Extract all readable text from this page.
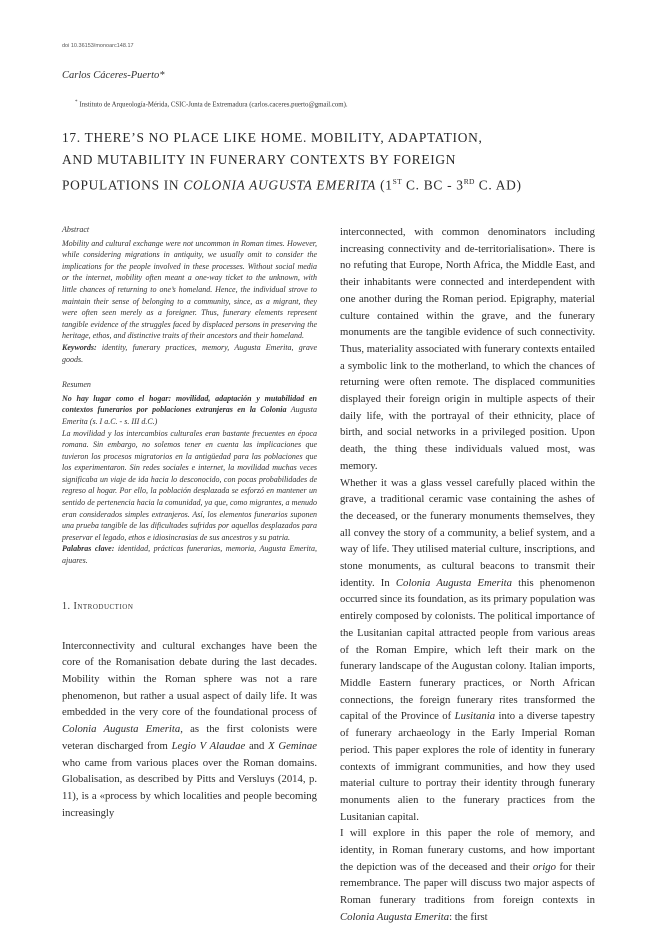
doi 10.36153/monoarc148.17
Carlos Cáceres-Puerto*
* Instituto de Arqueología-Mérida, CSIC-Junta de Extremadura (carlos.caceres.puerto@gmail.com).
17. THERE’S NO PLACE LIKE HOME. MOBILITY, ADAPTATION,
AND MUTABILITY IN FUNERARY CONTEXTS BY FOREIGN
POPULATIONS IN COLONIA AUGUSTA EMERITA (1ST C. BC - 3RD C. AD)
Abstract

Mobility and cultural exchange were not uncommon in Roman times. However, while considering migrations in antiquity, we usually omit to consider the implications for the people involved in these processes. Without social media or the internet, mobility often meant a one-way ticket to the unknown, with little chances of returning to one’s homeland. Hence, the individual strove to maintain their sense of belonging to a community, since, as a migrant, they were often seen merely as a foreigner. Thus, funerary elements represent tangible evidence of the struggles faced by displaced persons in preserving the heritage, ethos, and distinctive traits of their ancestors and their homeland.

Keywords: identity, funerary practices, memory, Augusta Emerita, grave goods.

Resumen

No hay lugar como el hogar: movilidad, adaptación y mutabilidad en contextos funerarios por poblaciones extranjeras en la Colonia Augusta Emerita (s. I a.C. - s. III d.C.)

La movilidad y los intercambios culturales eran bastante frecuentes en época romana. Sin embargo, no solemos tener en cuenta las implicaciones que tuvieron los procesos migratorios en la antigüedad para las poblaciones que los experimentaron. Sin redes sociales e internet, la movilidad muchas veces significaba un viaje de ida hacia lo desconocido, con pocas probabilidades de regreso al hogar. Por ello, la población desplazada se esforzó en mantener un sentido de pertenencia hacia la comunidad, ya que, como migrantes, a menudo eran considerados simples extranjeros. Así, los elementos funerarios suponen una prueba tangible de las dificultades sufridas por aquellos desplazados para preservar el legado, ethos e idiosincrasias de sus ancestros y su patria.

Palabras clave: identidad, prácticas funerarias, memoria, Augusta Emerita, ajuares.

1. Introduction

Interconnectivity and cultural exchanges have been the core of the Romanisation debate during the last decades. Mobility within the Roman sphere was not a rare phenomenon, but rather a usual aspect of daily life. It was embedded in the very core of the foundational process of Colonia Augusta Emerita, as the first colonists were veteran discharged from Legio V Alaudae and X Geminae who came from various places over the Roman domains. Globalisation, as described by Pitts and Versluys (2014, p. 11), is a «process by which localities and people becoming increasingly

interconnected, with common denominators including increasing connectivity and de-territorialisation». There is no refuting that Europe, North Africa, the Middle East, and their inhabitants were connected and interdependent with one another during the Roman period. Epigraphy, material culture contained within the grave, and the funerary monuments are the tangible evidence of such connectivity. Thus, materiality associated with funerary contexts entailed a symbolic link to the motherland, to which the chances of returning were often remote. The displaced communities displayed their foreign origin in multiple aspects of their daily life, with the portrayal of their ethnicity, place of birth, and social networks in a privileged position. Upon death, the thing these individuals valued most, was memory.

Whether it was a glass vessel carefully placed within the grave, a traditional ceramic vase containing the ashes of the deceased, or the funerary monuments themselves, they all convey the story of a community, a belief system, and a way of life. They utilised material culture, inscriptions, and stone monuments, as cultural beacons to transmit their identity. In Colonia Augusta Emerita this phenomenon occurred since its foundation, as its primary population was entirely composed by colonists. The political importance of the Lusitanian capital attracted people from various areas of the Roman Empire, which left their mark on the funerary landscape of the Augustan colony. Italian imports, Middle Eastern funerary practices, or North African connections, the foreign funerary rites transformed the capital of the Province of Lusitania into a diverse tapestry of funerary archaeology in the Early Imperial Roman period. This paper explores the role of identity in funerary contexts of immigrant communities, and how they used material culture to portray their identity through funerary monuments alien to the funerary practices from the Lusitanian capital.

I will explore in this paper the role of memory, and identity, in Roman funerary customs, and how important the depiction was of the deceased and their origo for their remembrance. The paper will discuss two major aspects of Roman funerary traditions from foreign contexts in Colonia Augusta Emerita: the first
